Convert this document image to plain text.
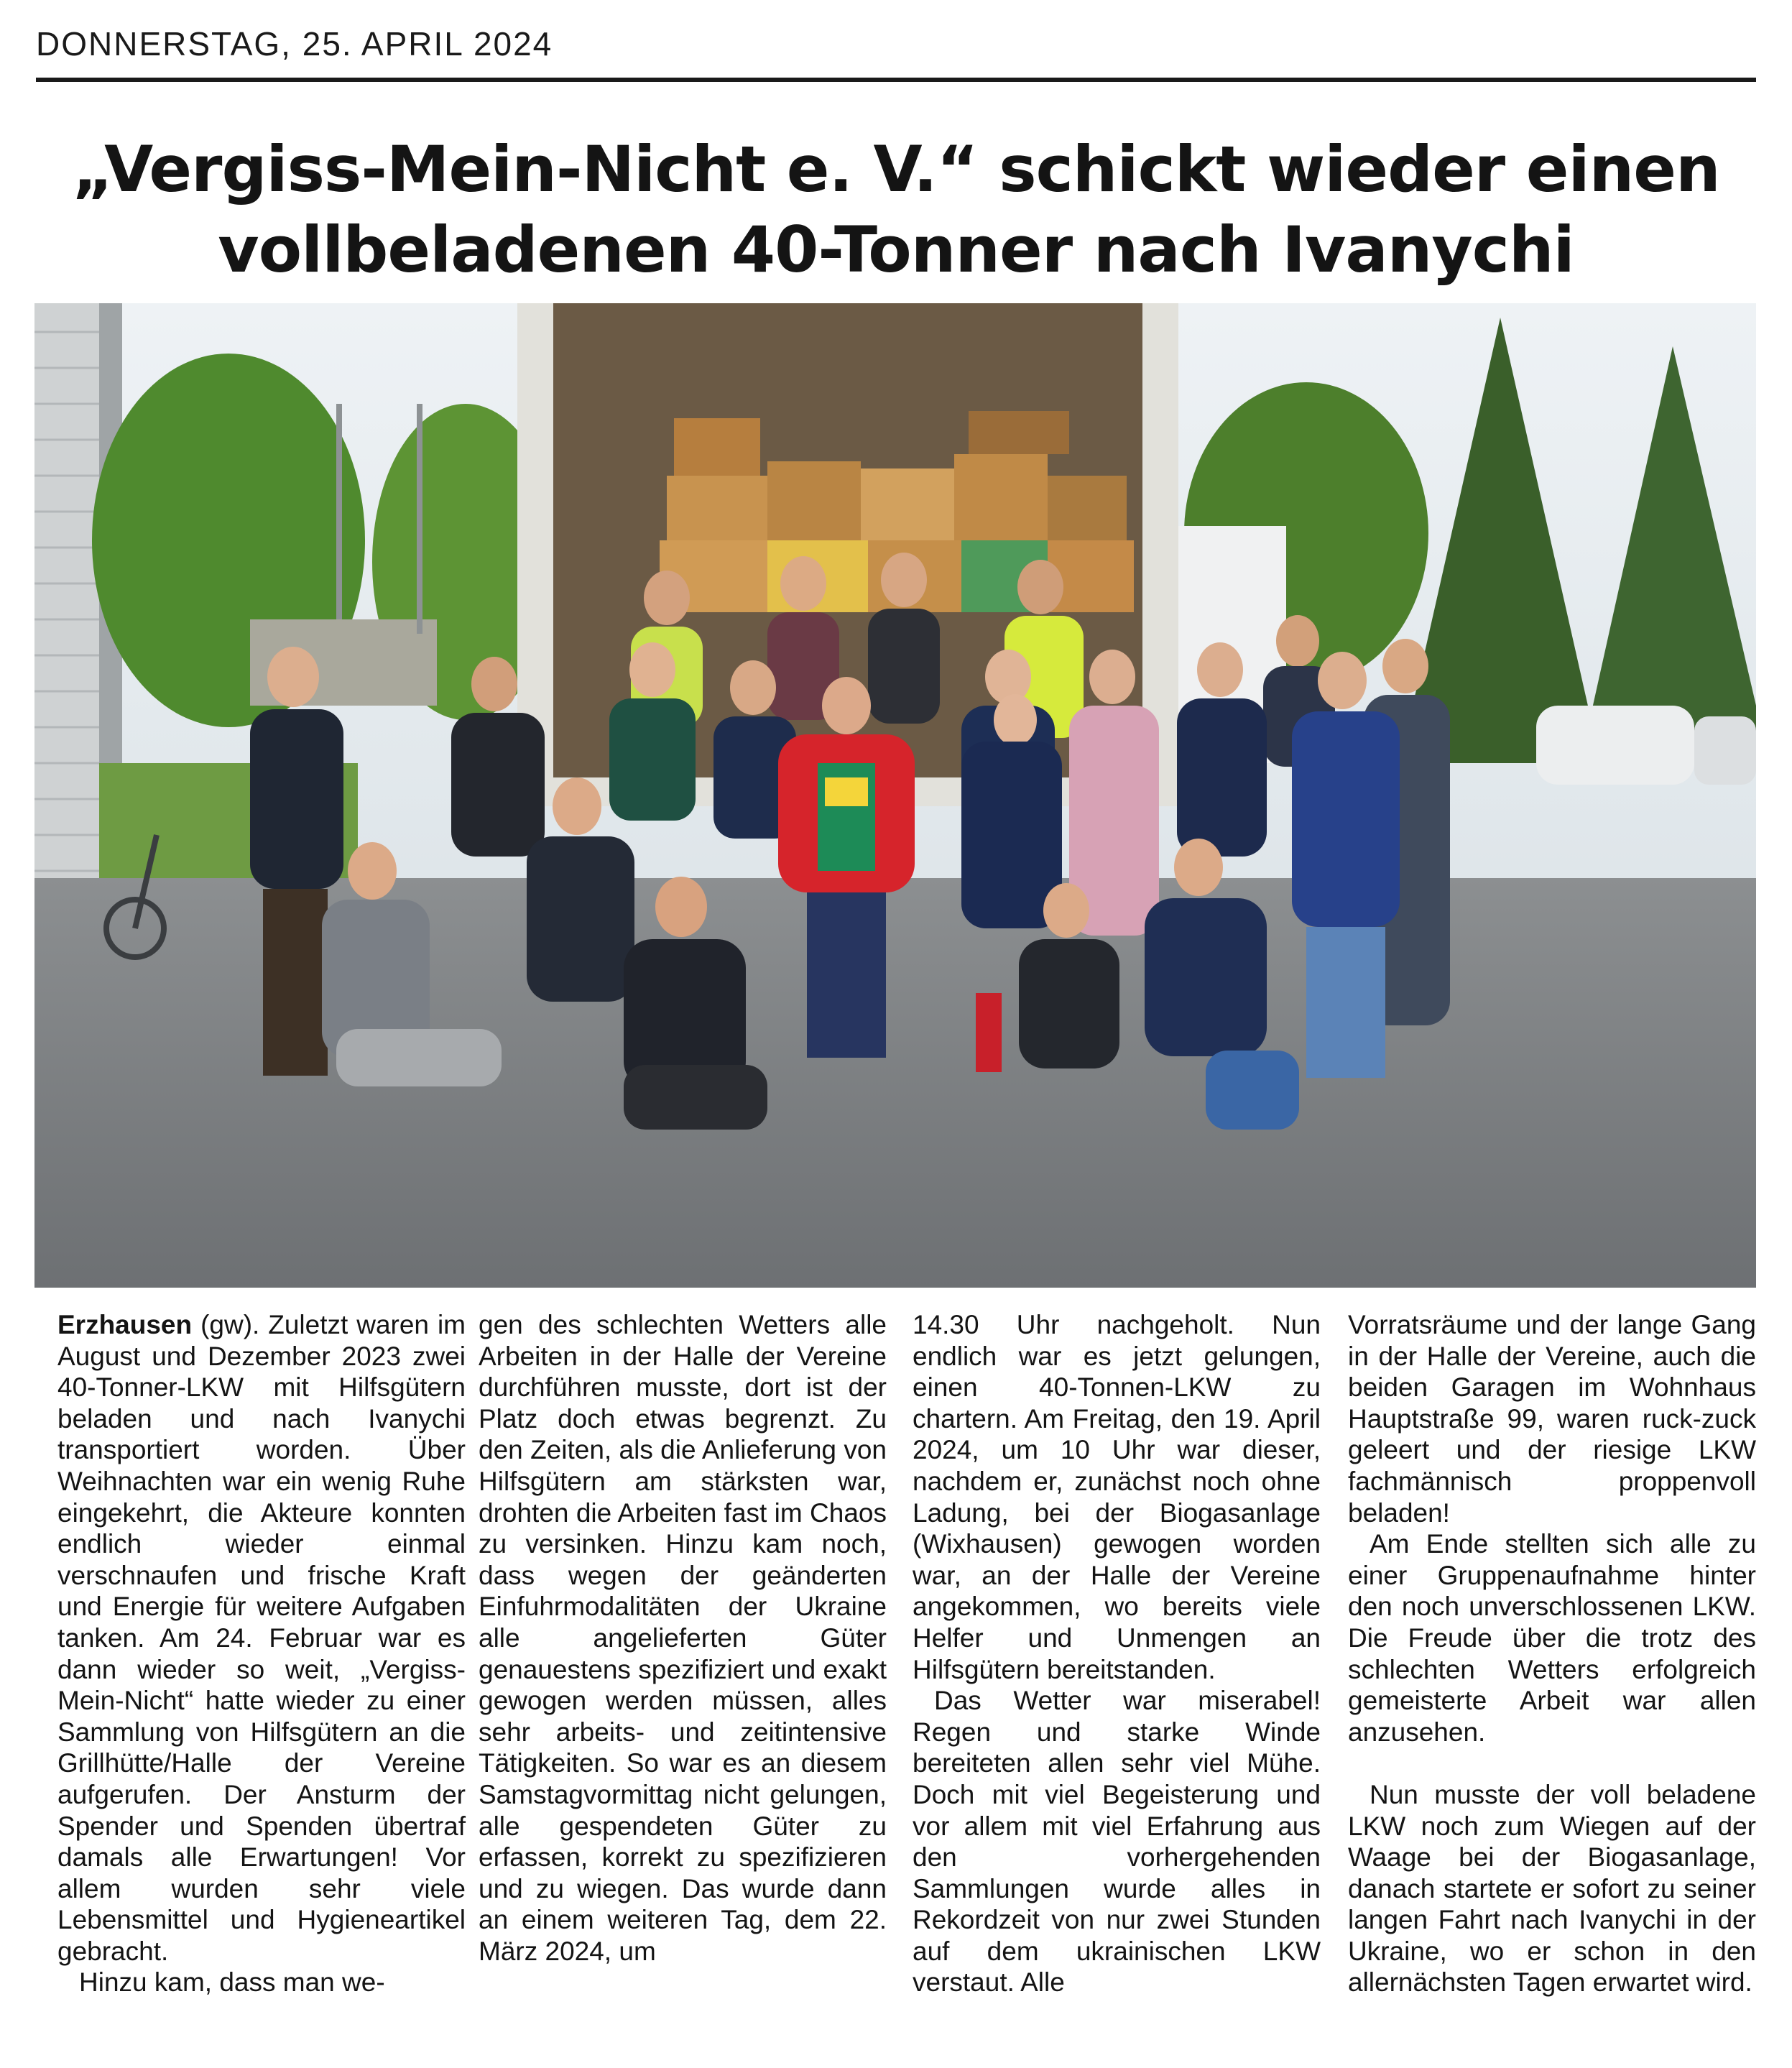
DONNERSTAG, 25. APRIL 2024
„Vergiss-Mein-Nicht e. V.“ schickt wieder einen
vollbeladenen 40-Tonner nach Ivanychi

Erzhausen (gw). Zuletzt waren im August und Dezember 2023 zwei 40-Tonner-LKW mit Hilfsgütern beladen und nach Ivanychi transportiert worden. Über Weihnachten war ein wenig Ruhe eingekehrt, die Akteure konnten endlich wieder einmal verschnaufen und frische Kraft und Energie für weitere Aufgaben tanken. Am 24. Februar war es dann wieder so weit, „Vergiss-Mein-Nicht“ hatte wieder zu einer Sammlung von Hilfsgütern an die Grillhütte/Halle der Vereine aufgerufen. Der Ansturm der Spender und Spenden übertraf damals alle Erwartungen! Vor allem wurden sehr viele Lebensmittel und Hygieneartikel gebracht.

Hinzu kam, dass man we-

gen des schlechten Wetters alle Arbeiten in der Halle der Vereine durchführen musste, dort ist der Platz doch etwas begrenzt. Zu den Zeiten, als die Anlieferung von Hilfsgütern am stärksten war, drohten die Arbeiten fast im Chaos zu versinken. Hinzu kam noch, dass wegen der geänderten Einfuhrmodalitäten der Ukraine alle angelieferten Güter genauestens spezifiziert und exakt gewogen werden müssen, alles sehr arbeits- und zeitintensive Tätigkeiten. So war es an diesem Samstagvormittag nicht gelungen, alle gespendeten Güter zu erfassen, korrekt zu spezifizieren und zu wiegen. Das wurde dann an einem weiteren Tag, dem 22. März 2024, um

14.30 Uhr nachgeholt. Nun endlich war es jetzt gelungen, einen 40-Tonnen-LKW zu chartern. Am Freitag, den 19. April 2024, um 10 Uhr war dieser, nachdem er, zunächst noch ohne Ladung, bei der Biogasanlage (Wixhausen) gewogen worden war, an der Halle der Vereine angekommen, wo bereits viele Helfer und Unmengen an Hilfsgütern bereitstanden.

Das Wetter war miserabel! Regen und starke Winde bereiteten allen sehr viel Mühe. Doch mit viel Begeisterung und vor allem mit viel Erfahrung aus den vorhergehenden Sammlungen wurde alles in Rekordzeit von nur zwei Stunden auf dem ukrainischen LKW verstaut. Alle

Vorratsräume und der lange Gang in der Halle der Vereine, auch die beiden Garagen im Wohnhaus Hauptstraße 99, waren ruck-zuck geleert und der riesige LKW fachmännisch proppenvoll beladen!

Am Ende stellten sich alle zu einer Gruppenaufnahme hinter den noch unverschlossenen LKW. Die Freude über die trotz des schlechten Wetters erfolgreich gemeisterte Arbeit war allen anzusehen.

Nun musste der voll beladene LKW noch zum Wiegen auf der Waage bei der Biogasanlage, danach startete er sofort zu seiner langen Fahrt nach Ivanychi in der Ukraine, wo er schon in den allernächsten Tagen erwartet wird.
